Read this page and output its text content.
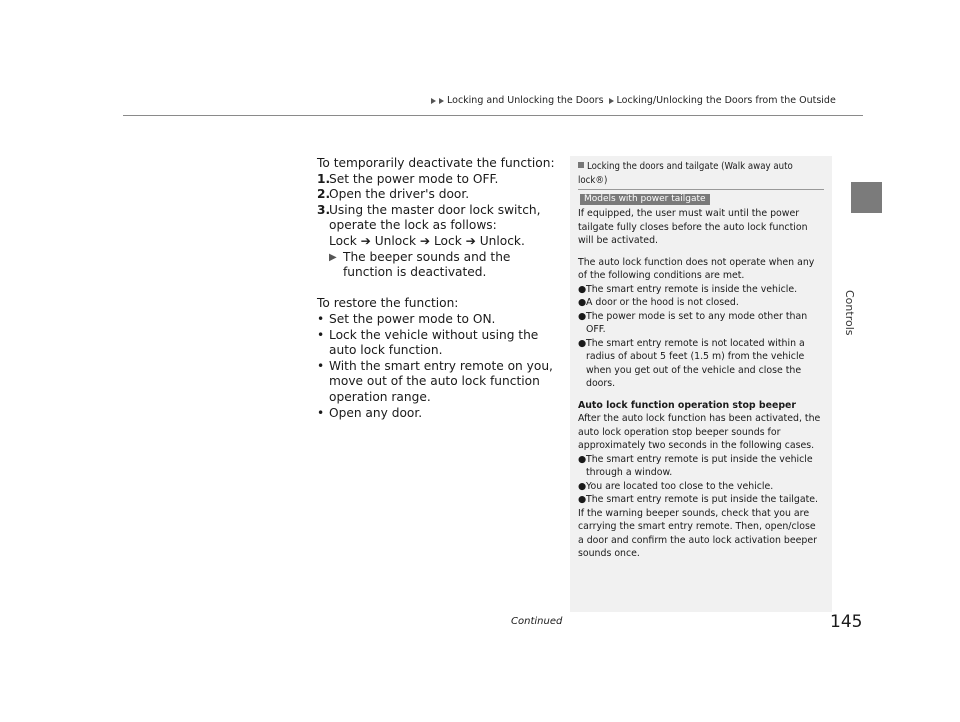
Locking and Unlocking the Doors Locking/Unlocking the Doors from the Outside
Controls

To temporarily deactivate the function:

1.
Set the power mode to OFF.
2.
Open the driver's door.
3.
Using the master door lock switch, operate the lock as follows:

Lock ➔ Unlock ➔ Lock ➔ Unlock.

▶ The beeper sounds and the function is deactivated.

To restore the function:

• Set the power mode to ON.
• Lock the vehicle without using the auto lock function.
• With the smart entry remote on you, move out of the auto lock function operation range.
• Open any door.
Locking the doors and tailgate (Walk away auto lock®)
Models with power tailgate

If equipped, the user must wait until the power tailgate fully closes before the auto lock function will be activated.

The auto lock function does not operate when any of the following conditions are met.

● The smart entry remote is inside the vehicle.
● A door or the hood is not closed.
● The power mode is set to any mode other than OFF.
● The smart entry remote is not located within a radius of about 5 feet (1.5 m) from the vehicle when you get out of the vehicle and close the doors.

Auto lock function operation stop beeper

After the auto lock function has been activated, the auto lock operation stop beeper sounds for approximately two seconds in the following cases.

● The smart entry remote is put inside the vehicle through a window.
● You are located too close to the vehicle.
● The smart entry remote is put inside the tailgate.

If the warning beeper sounds, check that you are carrying the smart entry remote. Then, open/close a door and confirm the auto lock activation beeper sounds once.

Continued	145
